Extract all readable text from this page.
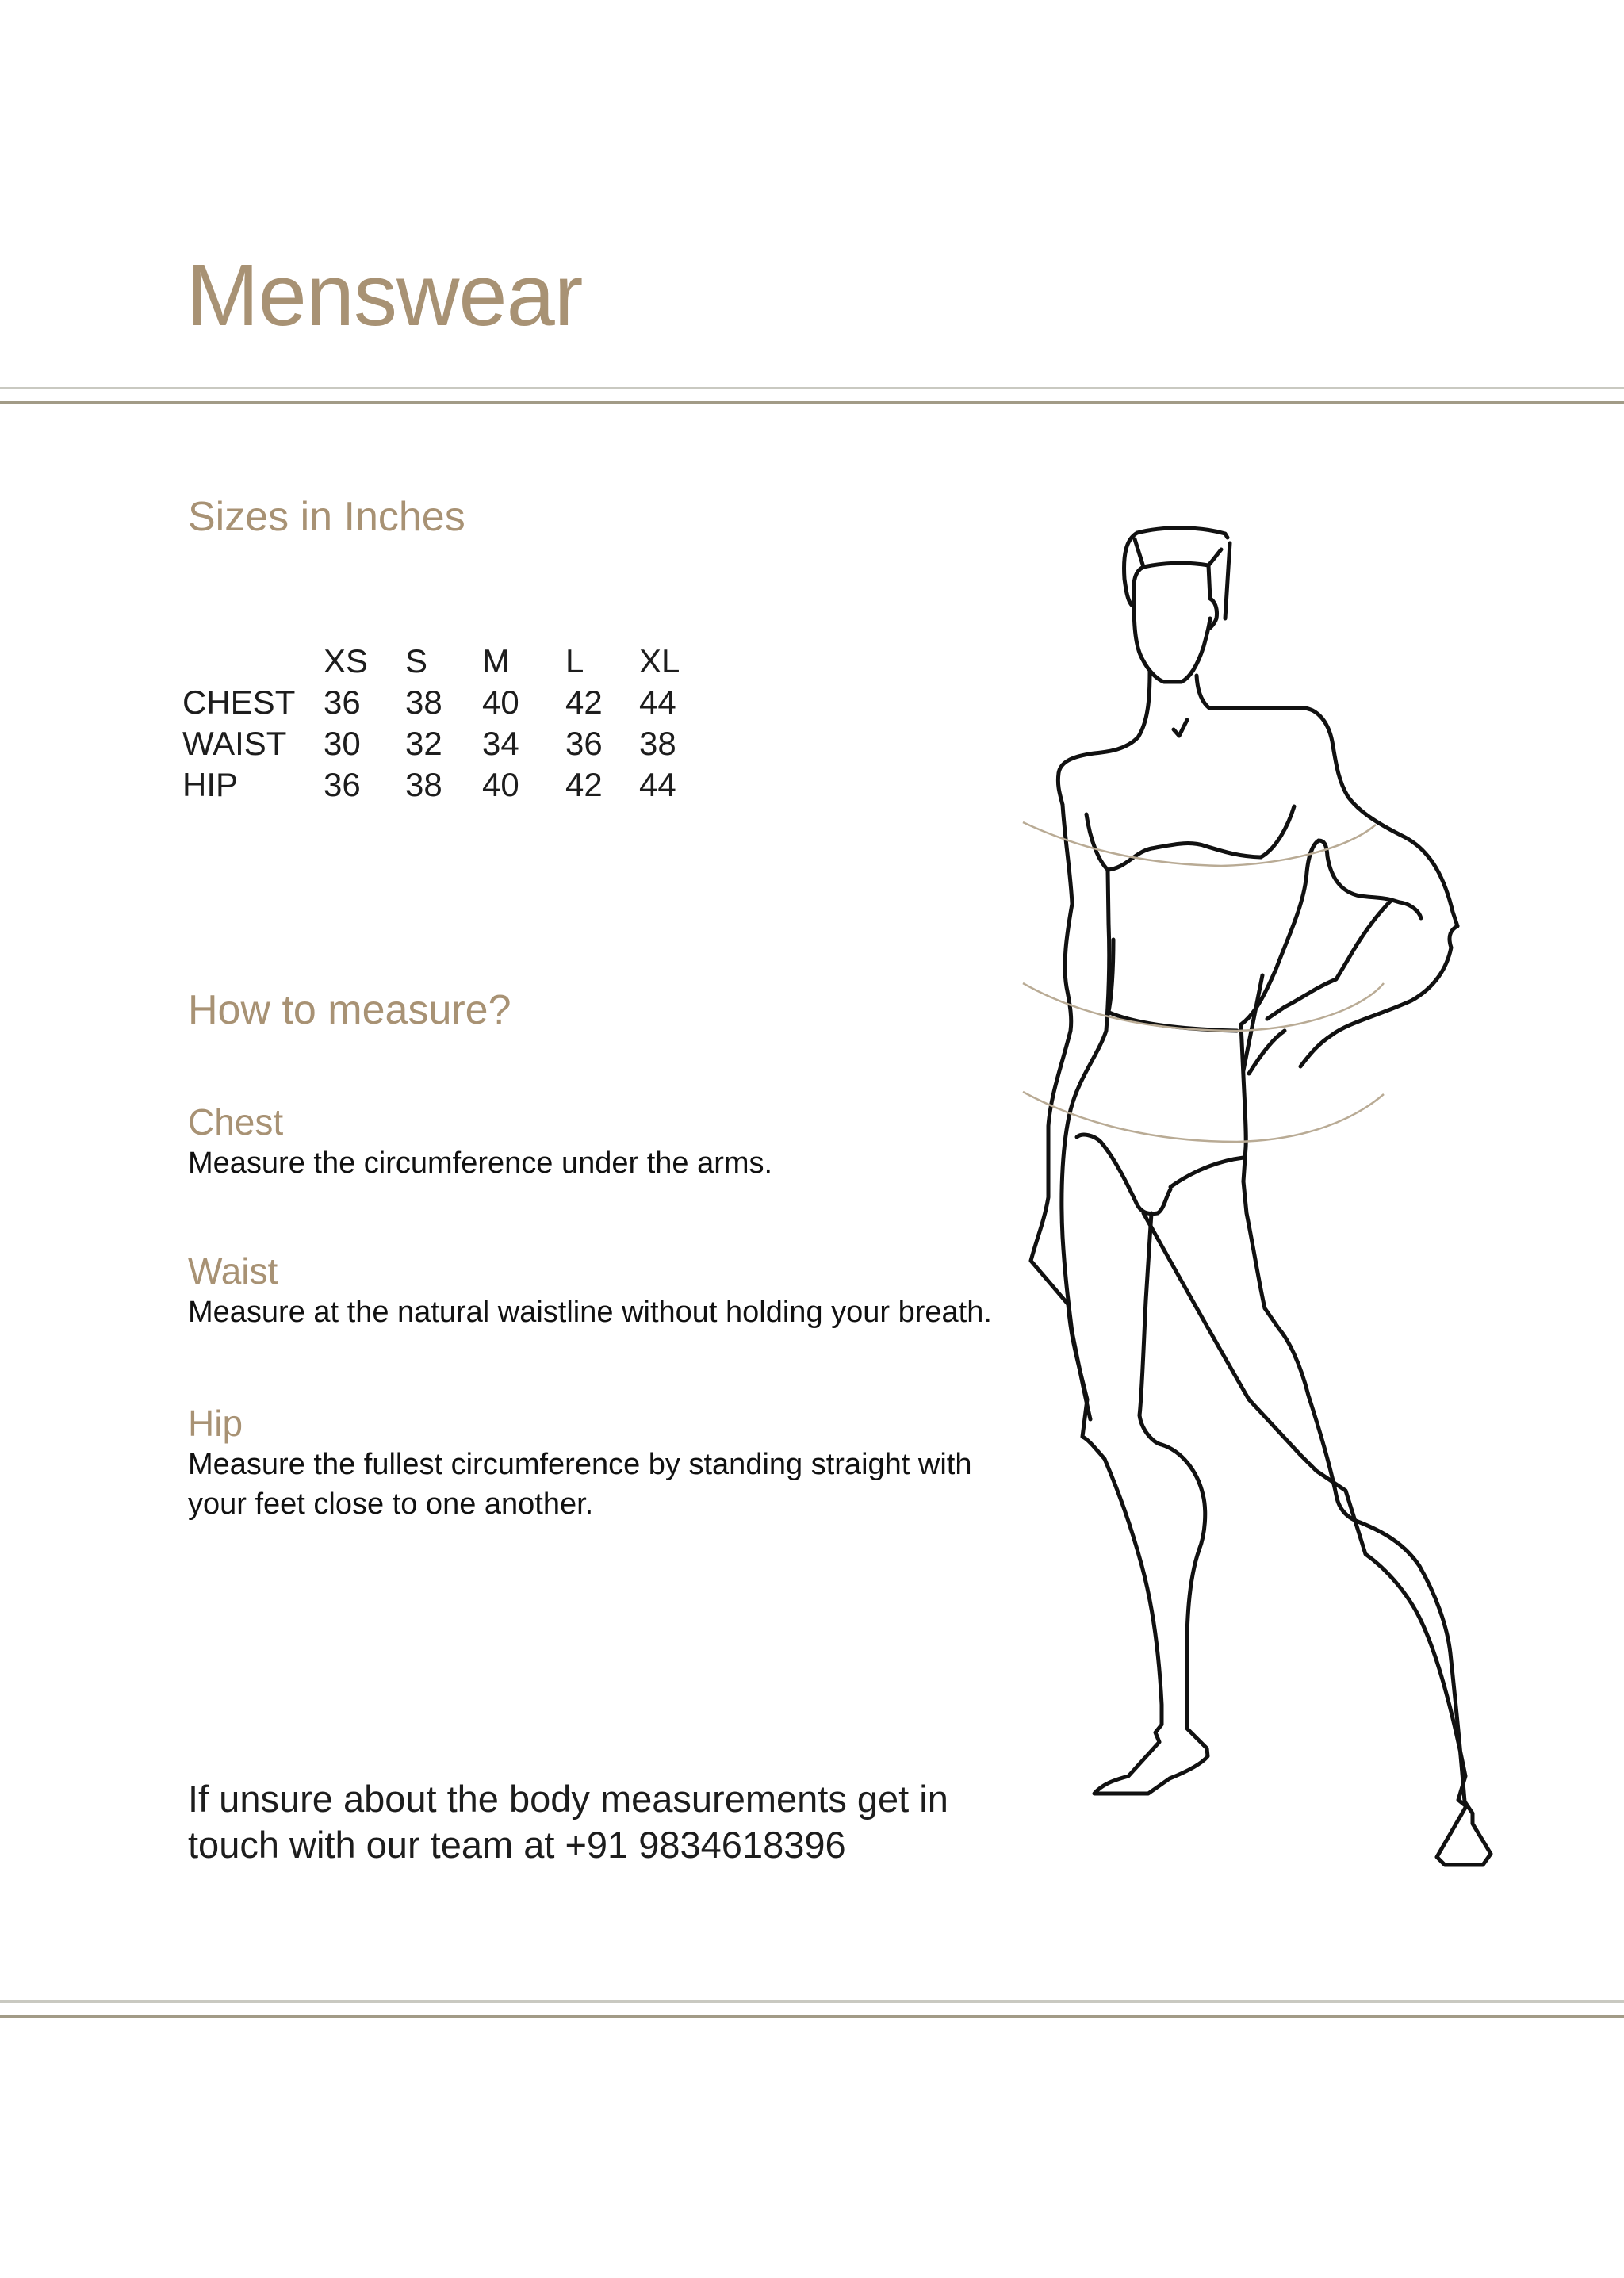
Menswear
Sizes in Inches
	XS	S	M	L	XL
CHEST	36	38	40	42	44
WAIST	30	32	34	36	38
HIP	36	38	40	42	44
How to measure?
Chest
Measure the circumference under the arms.
Waist
Measure at the natural waistline without holding your breath.
Hip
Measure the fullest circumference by standing straight with
your feet close to one another.
If unsure about the body measurements get in
touch with our team at +91 9834618396
